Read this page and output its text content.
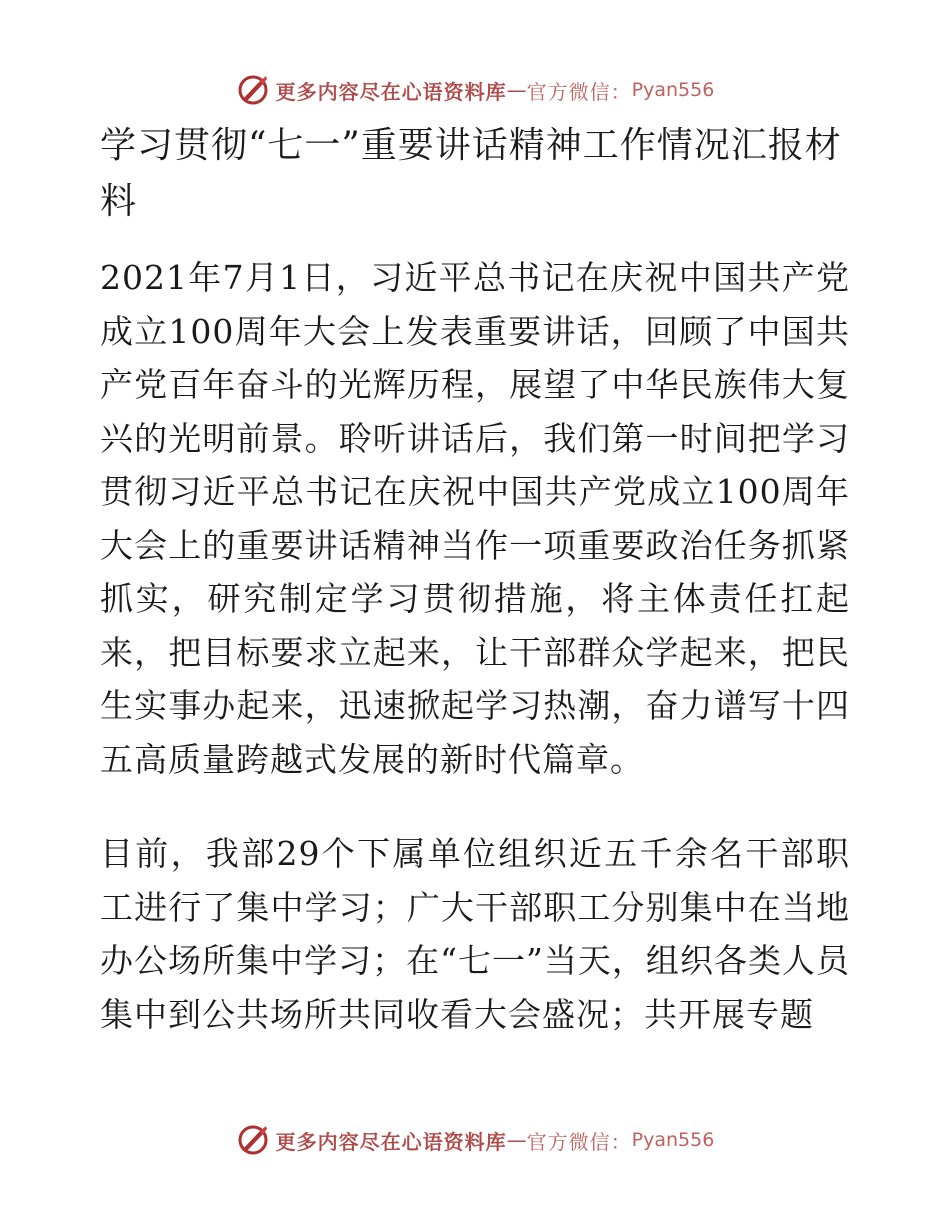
更多内容尽在心语资料库 — 官方微信： Pyan556
学习贯彻“七一”重要讲话精神工作情况汇报材料

2021年7月1日，习近平总书记在庆祝中国共产党成立100周年大会上发表重要讲话，回顾了中国共产党百年奋斗的光辉历程，展望了中华民族伟大复兴的光明前景。聆听讲话后，我们第一时间把学习贯彻习近平总书记在庆祝中国共产党成立100周年大会上的重要讲话精神当作一项重要政治任务抓紧抓实，研究制定学习贯彻措施，将主体责任扛起来，把目标要求立起来，让干部群众学起来，把民生实事办起来，迅速掀起学习热潮，奋力谱写十四五高质量跨越式发展的新时代篇章。

目前，我部29个下属单位组织近五千余名干部职工进行了集中学习；广大干部职工分别集中在当地办公场所集中学习；在“七一”当天，组织各类人员集中到公共场所共同收看大会盛况；共开展专题

更多内容尽在心语资料库 — 官方微信： Pyan556
